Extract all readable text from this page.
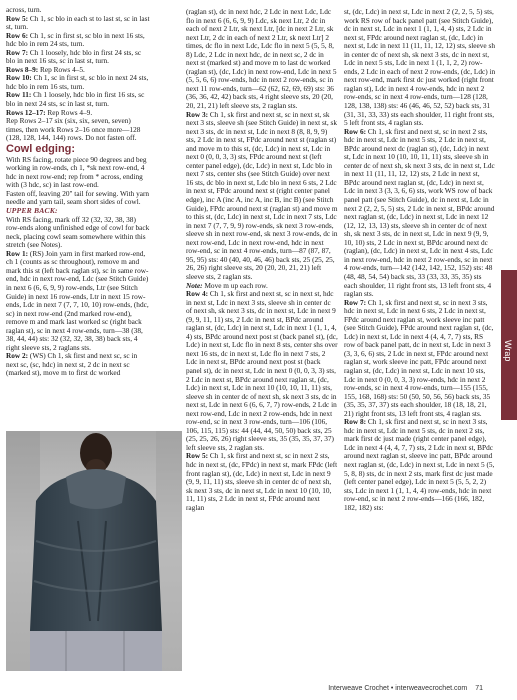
across, turn.

Row 5: Ch 1, sc blo in each st to last st, sc in last st, turn.

Row 6: Ch 1, sc in first st, sc blo in next 16 sts, hdc blo in rem 24 sts, turn.

Row 7: Ch 1 loosely, hdc blo in first 24 sts, sc blo in next 16 sts, sc in last st, turn.

Rows 8–9: Rep Rows 4–5.

Row 10: Ch 1, sc in first st, sc blo in next 24 sts, hdc blo in rem 16 sts, turn.

Row 11: Ch 1 loosely, hdc blo in first 16 sts, sc blo in next 24 sts, sc in last st, turn.

Rows 12–17: Rep Rows 4–9.

Rep Rows 2–17 six (six, six, seven, seven) times, then work Rows 2–16 once more—128 (128, 128, 144, 144) rows. Do not fasten off.

Cowl edging:

With RS facing, rotate piece 90 degrees and beg working in row-ends, ch 1, *sk next row-end, 4 hdc in next row-end; rep from * across, ending with (3 hdc, sc) in last row-end.

Fasten off, leaving 20" tail for sewing. With yarn needle and yarn tail, seam short sides of cowl.

UPPER BACK:

With RS facing, mark off 32 (32, 32, 38, 38) row-ends along unfinished edge of cowl for back neck, placing cowl seam somewhere within this stretch (see Notes).

Row 1: (RS) Join yarn in first marked row-end, ch 1 (counts as sc throughout), remove m and mark this st (left back raglan st), sc in same row-end, hdc in next row-end, Ldc (see Stitch Guide) in next 6 (6, 6, 9, 9) row-ends, Ltr (see Stitch Guide) in next 16 row-ends, Ltr in next 15 row-ends, Ldc in next 7 (7, 7, 10, 10) row-ends, (hdc, sc) in next row-end (2nd marked row-end), remove m and mark last worked sc (right back raglan st), sc in next 4 row-ends, turn—38 (38, 38, 44, 44) sts: 32 (32, 32, 38, 38) back sts, 4 right sleeve sts, 2 raglans sts.

Row 2: (WS) Ch 1, sk first and next sc, sc in next sc, (sc, hdc) in next st, 2 dc in next sc (marked st), move m to first dc worked

(raglan st), dc in next hdc, 2 Ldc in next Ldc, Ldc flo in next 6 (6, 6, 9, 9) Ldc, sk next Ltr, 2 dc in each of next 2 Ltr, sk next Ltr, [dc in next 2 Ltr, sk next Ltr, 2 dc in each of next 2 Ltr, sk next Ltr] 2 times, dc flo in next Ldc, Ldc flo in next 5 (5, 5, 8, 8) Ldc, 2 Ldc in next hdc, dc in next sc, 2 dc in next st (marked st) and move m to last dc worked (raglan st), (dc, Ldc) in next row-end, Ldc in next 5 (5, 5, 6, 6) row-ends, hdc in next 2 row-ends, sc in next 11 row-ends, turn—62 (62, 62, 69, 69) sts: 36 (36, 36, 42, 42) back sts, 4 right sleeve sts, 20 (20, 20, 21, 21) left sleeve sts, 2 raglan sts.

Row 3: Ch 1, sk first and next st, sc in next st, sk next 3 sts, sleeve sh (see Stitch Guide) in next st, sk next 3 sts, dc in next st, Ldc in next 8 (8, 8, 9, 9) sts, 2 Ldc in next st, FPdc around next st (raglan st) and move m to this st, (dc, Ldc) in next st, Ldc in next 0 (0, 0, 3, 3) sts, FPdc around next st (left center panel edge), (dc, Ldc) in next st, Ldc blo in next 7 sts, center shs (see Stitch Guide) over next 16 sts, dc blo in next st, Ldc blo in next 6 sts, 2 Ldc in next st, FPdc around next st (right center panel edge), inc A (inc A, inc A, inc B, inc B) (see Stitch Guide), FPdc around next st (raglan st) and move m to this st, (dc, Ldc) in next st, Ldc in next 7 sts, Ldc in next 7 (7, 7, 9, 9) row-ends, sk next 3 row-ends, sleeve sh in next row-end, sk next 3 row-ends, dc in next row-end, Ldc in next row-end, hdc in next row-end, sc in next 4 row-ends, turn—87 (87, 87, 95, 95) sts: 40 (40, 40, 46, 46) back sts, 25 (25, 25, 26, 26) right sleeve sts, 20 (20, 20, 21, 21) left sleeve sts, 2 raglan sts.

Note: Move m up each row.

Row 4: Ch 1, sk first and next st, sc in next st, hdc in next st, Ldc in next 3 sts, sleeve sh in center dc of next sh, sk next 3 sts, dc in next st, Ldc in next 9 (9, 9, 11, 11) sts, 2 Ldc in next st, BPdc around raglan st, (dc, Ldc) in next st, Ldc in next 1 (1, 1, 4, 4) sts, BPdc around next post st (back panel st), (dc, Ldc) in next st, Ldc flo in next 8 sts, center shs over next 16 sts, dc in next st, Ldc flo in next 7 sts, 2 Ldc in next st, BPdc around next post st (back panel st), dc in next st, Ldc in next 0 (0, 0, 3, 3) sts, 2 Ldc in next st, BPdc around next raglan st, (dc, Ldc) in next st, Ldc in next 10 (10, 10, 11, 11) sts, sleeve sh in center dc of next sh, sk next 3 sts, dc in next st, Ldc in next 6 (6, 6, 7, 7) row-ends, 2 Ldc in next row-end, Ldc in next 2 row-ends, hdc in next row-end, sc in next 3 row-ends, turn—106 (106, 106, 115, 115) sts: 44 (44, 44, 50, 50) back sts, 25 (25, 25, 26, 26) right sleeve sts, 35 (35, 35, 37, 37) left sleeve sts, 2 raglan sts.

Row 5: Ch 1, sk first and next st, sc in next 2 sts, hdc in next st, (dc, FPdc) in next st, mark FPdc (left front raglan st), (dc, Ldc) in next st, Ldc in next 9 (9, 9, 11, 11) sts, sleeve sh in center dc of next sh, sk next 3 sts, dc in next st, Ldc in next 10 (10, 10, 11, 11) sts, 2 Ldc in next st, FPdc around next raglan

st, (dc, Ldc) in next st, Ldc in next 2 (2, 2, 5, 5) sts, work RS row of back panel patt (see Stitch Guide), dc in next st, Ldc in next 1 (1, 1, 4, 4) sts, 2 Ldc in next st, FPdc around next raglan st, (dc, Ldc) in next st, Ldc in next 11 (11, 11, 12, 12) sts, sleeve sh in center dc of next sh, sk next 3 sts, dc in next st, Ldc in next 5 sts, Ldc in next 1 (1, 1, 2, 2) row-ends, 2 Ldc in each of next 2 row-ends, (dc, Ldc) in next row-end, mark first dc just worked (right front raglan st), Ldc in next 4 row-ends, hdc in next 2 row-ends, sc in next 4 row-ends, turn—128 (128, 128, 138, 138) sts: 46 (46, 46, 52, 52) back sts, 31 (31, 31, 33, 33) sts each shoulder, 11 right front sts, 5 left front sts, 4 raglan sts.

Row 6: Ch 1, sk first and next st, sc in next 2 sts, hdc in next st, Ldc in next 5 sts, 2 Ldc in next st, BPdc around next dc (raglan st), (dc, Ldc) in next st, Ldc in next 10 (10, 10, 11, 11) sts, sleeve sh in center dc of next sh, sk next 3 sts, dc in next st, Ldc in next 11 (11, 11, 12, 12) sts, 2 Ldc in next st, BPdc around next raglan st, (dc, Ldc) in next st, Ldc in next 3 (3, 3, 6, 6) sts, work WS row of back panel patt (see Stitch Guide), dc in next st, Ldc in next 2 (2, 2, 5, 5) sts, 2 Ldc in next st, BPdc around next raglan st, (dc, Ldc) in next st, Ldc in next 12 (12, 12, 13, 13) sts, sleeve sh in center dc of next sh, sk next 3 sts, dc in next st, Ldc in next 9 (9, 9, 10, 10) sts, 2 Ldc in next st, BPdc around next dc (raglan), (dc, Ldc) in next st, Ldc in next 4 sts, Ldc in next row-end, hdc in next 2 row-ends, sc in next 4 row-ends, turn—142 (142, 142, 152, 152) sts: 48 (48, 48, 54, 54) back sts, 33 (33, 33, 35, 35) sts each shoulder, 11 right front sts, 13 left front sts, 4 raglan sts.

Row 7: Ch 1, sk first and next st, sc in next 3 sts, hdc in next st, Ldc in next 6 sts, 2 Ldc in next st, FPdc around next raglan st, work sleeve inc patt (see Stitch Guide), FPdc around next raglan st, (dc, Ldc) in next st, Ldc in next 4 (4, 4, 7, 7) sts, RS row of back panel patt, dc in next st, Ldc in next 3 (3, 3, 6, 6) sts, 2 Ldc in next st, FPdc around next raglan st, work sleeve inc patt, FPdc around next raglan st, (dc, Ldc) in next st, Ldc in next 10 sts, Ldc in next 0 (0, 0, 3, 3) row-ends, hdc in next 2 row-ends, sc in next 4 row-ends, turn—155 (155, 155, 168, 168) sts: 50 (50, 50, 56, 56) back sts, 35 (35, 35, 37, 37) sts each shoulder, 18 (18, 18, 21, 21) right front sts, 13 left front sts, 4 raglan sts.

Row 8: Ch 1, sk first and next st, sc in next 3 sts, hdc in next st, Ldc in next 5 sts, dc in next 2 sts, mark first dc just made (right center panel edge), Ldc in next 4 (4, 4, 7, 7) sts, 2 Ldc in next st, BPdc around next raglan st, sleeve inc patt, BPdc around next raglan st, (dc, Ldc) in next st, Ldc in next 5 (5, 5, 8, 8) sts, dc in next 2 sts, mark first dc just made (left center panel edge), Ldc in next 5 (5, 5, 2, 2) sts, Ldc in next 1 (1, 1, 4, 4) row-ends, hdc in next row-end, sc in next 2 row-ends—166 (166, 182, 182, 182) sts:

Wrap
Interweave Crochet • interweavecrochet.com 71
